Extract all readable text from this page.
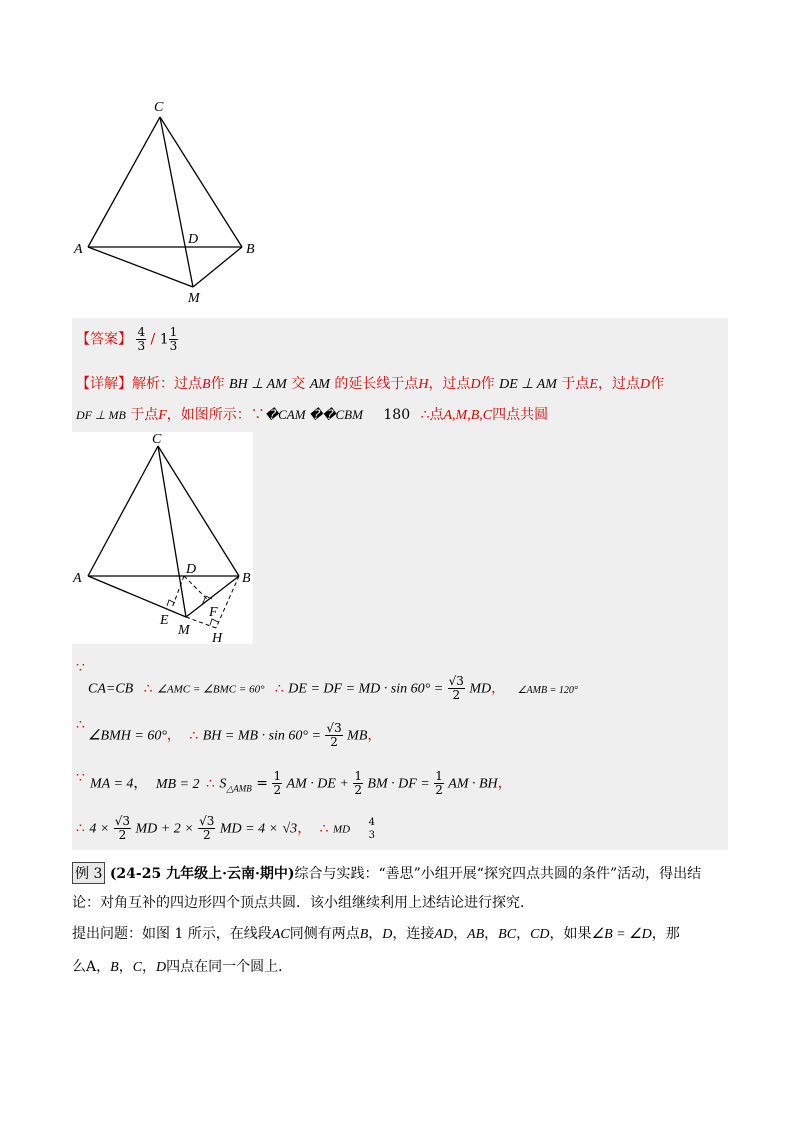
C
A
D
B
M
【答案】 $\frac{4}{3} / 1 \frac{1}{3}$
【详解】解析：过点B作 BH ⊥ AM 交 AM 的延长线于点H，过点D作 DE ⊥ AM 于点E，过点D作
DF ⊥ MB 于点F，如图所示：∵�CAM ��CBM 180 ∴点A,M,B,C四点共圆
C
A
D
B
E
F
M
H
∵

CA=CB ∴ ∠AMC = ∠BMC = 60° ∴ DE = DF = MD · $\sin 60^\circ = \frac{√3}{2}$ MD， ∠AMB = 120°
∴
∠BMH = 60°， ∴ BH = MB · $\sin 60^\circ = \frac{√3}{2}$ MB，
∵ MA = 4， MB = 2 ∴ $S_{\triangle AMB} = \frac{1}{2}$ AM · DE + $\frac{1}{2}$ BM · DF = $\frac{1}{2}$ AM · BH，
∴ $4 \times \frac{√3}{2}$ MD + $2 \times \frac{√3}{2}$ MD = 4 × √3， ∴ MD
4
3
例 3 (24-25 九年级上·云南·期中)综合与实践：“善思”小组开展“探究四点共圆的条件”活动，得出结
论：对角互补的四边形四个顶点共圆．该小组继续利用上述结论进行探究．
提出问题：如图 1 所示，在线段AC同侧有两点B，D，连接AD，AB，BC，CD，如果∠B = ∠D，那
么A，B，C，D四点在同一个圆上．
